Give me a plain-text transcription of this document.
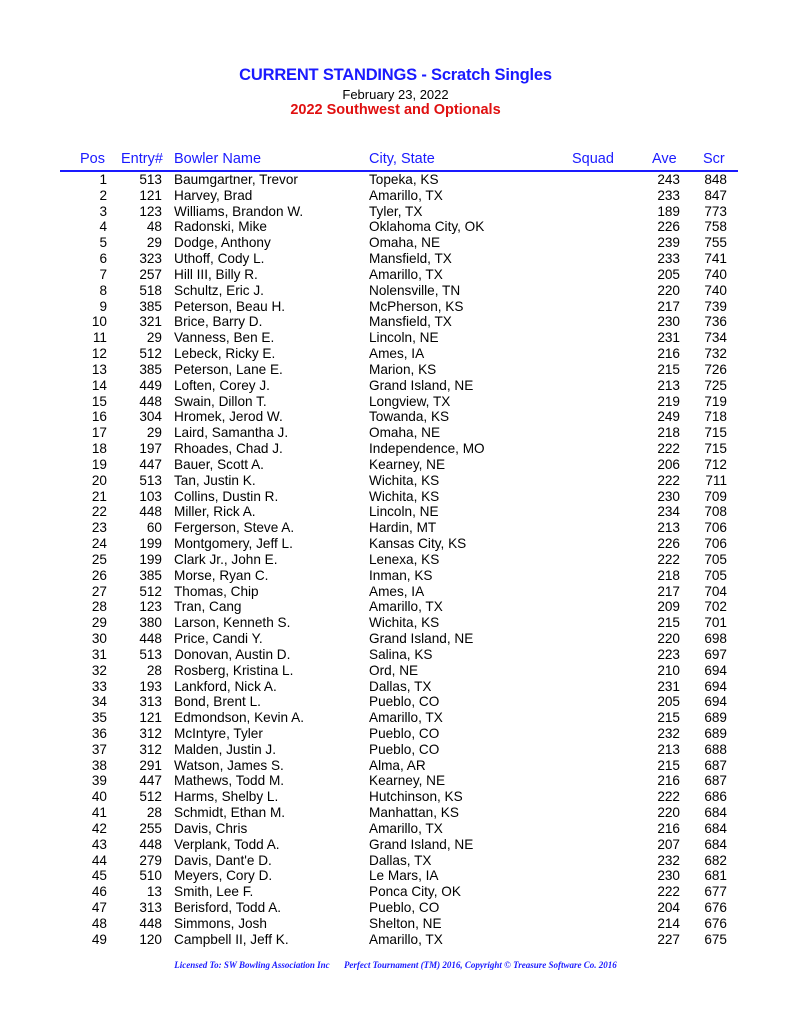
CURRENT STANDINGS - Scratch Singles
February 23, 2022
2022 Southwest and Optionals
Pos Entry# Bowler Name	City, State	Squad	Ave Scr
1 513 Baumgartner, Trevor	Topeka, KS	243 848
2 121 Harvey, Brad	Amarillo, TX	233 847
3 123 Williams, Brandon W.	Tyler, TX	189 773
4	48 Radonski, Mike	Oklahoma City, OK	226 758
5	29 Dodge, Anthony	Omaha, NE	239 755
6 323 Uthoff, Cody L.	Mansfield, TX	233 741
7 257 Hill III, Billy R.	Amarillo, TX	205 740
8 518 Schultz, Eric J.	Nolensville, TN	220 740
9 385 Peterson, Beau H.	McPherson, KS	217 739
10 321 Brice, Barry D.	Mansfield, TX	230 736
11	29 Vanness, Ben E.	Lincoln, NE	231 734
12 512 Lebeck, Ricky E.	Ames, IA	216 732
13 385 Peterson, Lane E.	Marion, KS	215 726
14 449 Loften, Corey J.	Grand Island, NE	213 725
15 448 Swain, Dillon T.	Longview, TX	219 719
16 304 Hromek, Jerod W.	Towanda, KS	249 718
17	29 Laird, Samantha J.	Omaha, NE	218 715
18 197 Rhoades, Chad J.	Independence, MO	222 715
19 447 Bauer, Scott A.	Kearney, NE	206 712
20 513 Tan, Justin K.	Wichita, KS	222 711
21 103 Collins, Dustin R.	Wichita, KS	230 709
22 448 Miller, Rick A.	Lincoln, NE	234 708
23	60 Fergerson, Steve A.	Hardin, MT	213 706
24 199 Montgomery, Jeff L.	Kansas City, KS	226 706
25 199 Clark Jr., John E.	Lenexa, KS	222 705
26 385 Morse, Ryan C.	Inman, KS	218 705
27 512 Thomas, Chip	Ames, IA	217 704
28 123 Tran, Cang	Amarillo, TX	209 702
29 380 Larson, Kenneth S.	Wichita, KS	215 701
30 448 Price, Candi Y.	Grand Island, NE	220 698
31 513 Donovan, Austin D.	Salina, KS	223 697
32	28 Rosberg, Kristina L.	Ord, NE	210 694
33 193 Lankford, Nick A.	Dallas, TX	231 694
34 313 Bond, Brent L.	Pueblo, CO	205 694
35 121 Edmondson, Kevin A.	Amarillo, TX	215 689
36 312 McIntyre, Tyler	Pueblo, CO	232 689
37 312 Malden, Justin J.	Pueblo, CO	213 688
38 291 Watson, James S.	Alma, AR	215 687
39 447 Mathews, Todd M.	Kearney, NE	216 687
40 512 Harms, Shelby L.	Hutchinson, KS	222 686
41	28 Schmidt, Ethan M.	Manhattan, KS	220 684
42 255 Davis, Chris	Amarillo, TX	216 684
43 448 Verplank, Todd A.	Grand Island, NE	207 684
44 279 Davis, Dant'e D.	Dallas, TX	232 682
45 510 Meyers, Cory D.	Le Mars, IA	230 681
46	13 Smith, Lee F.	Ponca City, OK	222 677
47 313 Berisford, Todd A.	Pueblo, CO	204 676
48 448 Simmons, Josh	Shelton, NE	214 676
49 120 Campbell II, Jeff K.	Amarillo, TX	227 675
Licensed To: SW Bowling Association Inc Perfect Tournament (TM) 2016, Copyright © Treasure Software Co. 2016
